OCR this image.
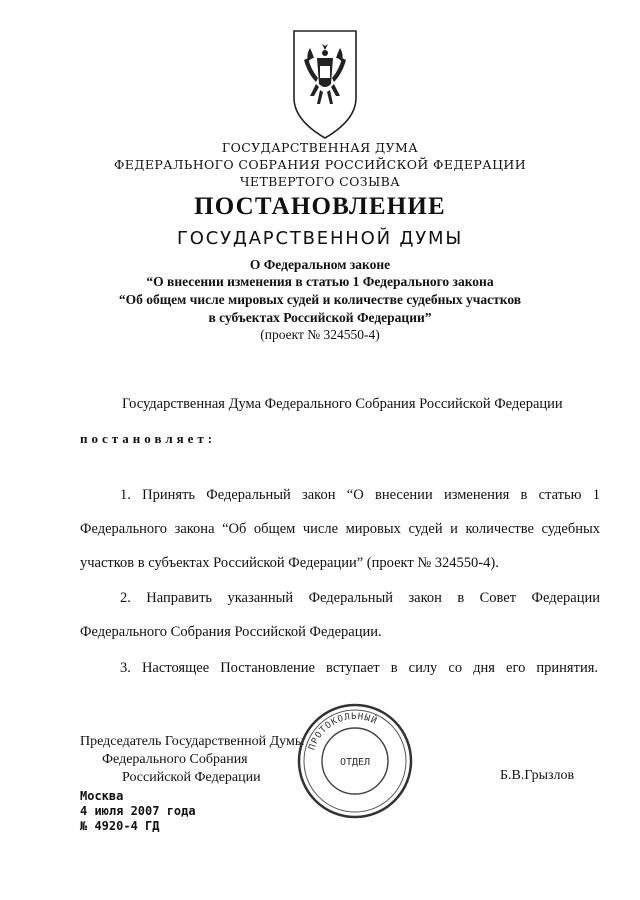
ГОСУДАРСТВЕННАЯ ДУМА
ФЕДЕРАЛЬНОГО СОБРАНИЯ РОССИЙСКОЙ ФЕДЕРАЦИИ
ЧЕТВЕРТОГО СОЗЫВА
ПОСТАНОВЛЕНИЕ
ГОСУДАРСТВЕННОЙ ДУМЫ
О Федеральном законе
“О внесении изменения в статью 1 Федерального закона
“Об общем числе мировых судей и количестве судебных участков
в субъектах Российской Федерации”
(проект № 324550-4)
Государственная Дума Федерального Собрания Российской Федерации
постановляет:
1. Принять Федеральный закон “О внесении изменения в статью 1
Федерального закона “Об общем числе мировых судей и количестве судебных
участков в субъектах Российской Федерации” (проект № 324550-4).
2. Направить указанный Федеральный закон в Совет Федерации
Федерального Собрания Российской Федерации.
3. Настоящее Постановление вступает в силу со дня его принятия.
Председатель Государственной Думы
Федерального Собрания
Российской Федерации	Б.В.Грызлов
ПРОТОКОЛЬНЫЙ
ОТДЕЛ
Москва
4 июля 2007 года
№ 4920-4 ГД
